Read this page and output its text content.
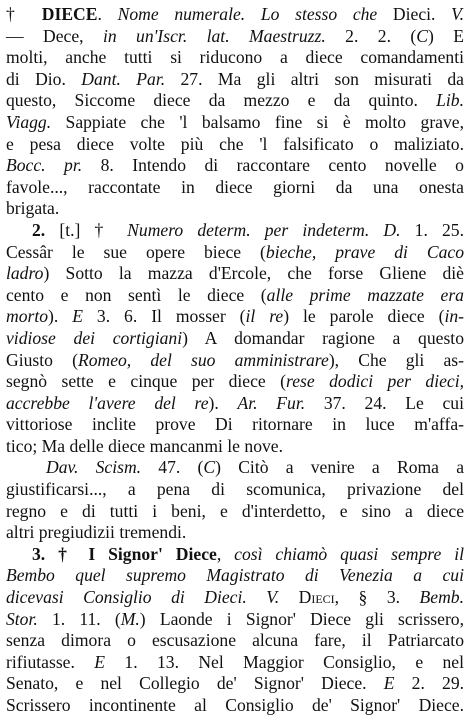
† DIECE. Nome numerale. Lo stesso che Dieci. V.
— Dece, in un'Iscr. lat. Maestruzz. 2. 2. (C) E
molti, anche tutti si riducono a diece comandamenti
di Dio. Dant. Par. 27. Ma gli altri son misurati da
questo, Siccome diece da mezzo e da quinto. Lib.
Viagg. Sappiate che 'l balsamo fine si è molto grave,
e pesa diece volte più che 'l falsificato o maliziato.
Bocc. pr. 8. Intendo di raccontare cento novelle o
favole..., raccontate in diece giorni da una onesta
brigata.
2. [t.] † Numero determ. per indeterm. D. 1. 25.
Cessâr le sue opere biece (bieche, prave di Caco
ladro) Sotto la mazza d'Ercole, che forse Gliene diè
cento e non sentì le diece (alle prime mazzate era
morto). E 3. 6. Il mosser (il re) le parole diece (in-
vidiose dei cortigiani) A domandar ragione a questo
Giusto (Romeo, del suo amministrare), Che gli as-
segnò sette e cinque per diece (rese dodici per dieci,
accrebbe l'avere del re). Ar. Fur. 37. 24. Le cui
vittoriose inclite prove Di ritornare in luce m'affa-
tico; Ma delle diece mancanmi le nove.
Dav. Scism. 47. (C) Citò a venire a Roma a
giustificarsi..., a pena di scomunica, privazione del
regno e di tutti i beni, e d'interdetto, e sino a diece
altri pregiudizii tremendi.
3. † I Signor' Diece, così chiamò quasi sempre il
Bembo quel supremo Magistrato di Venezia a cui
dicevasi Consiglio di Dieci. V. Dieci, § 3. Bemb.
Stor. 1. 11. (M.) Laonde i Signor' Diece gli scrissero,
senza dimora o escusazione alcuna fare, il Patriarcato
rifiutasse. E 1. 13. Nel Maggior Consiglio, e nel
Senato, e nel Collegio de' Signor' Diece. E 2. 29.
Scrissero incontinente al Consiglio de' Signor' Diece.
